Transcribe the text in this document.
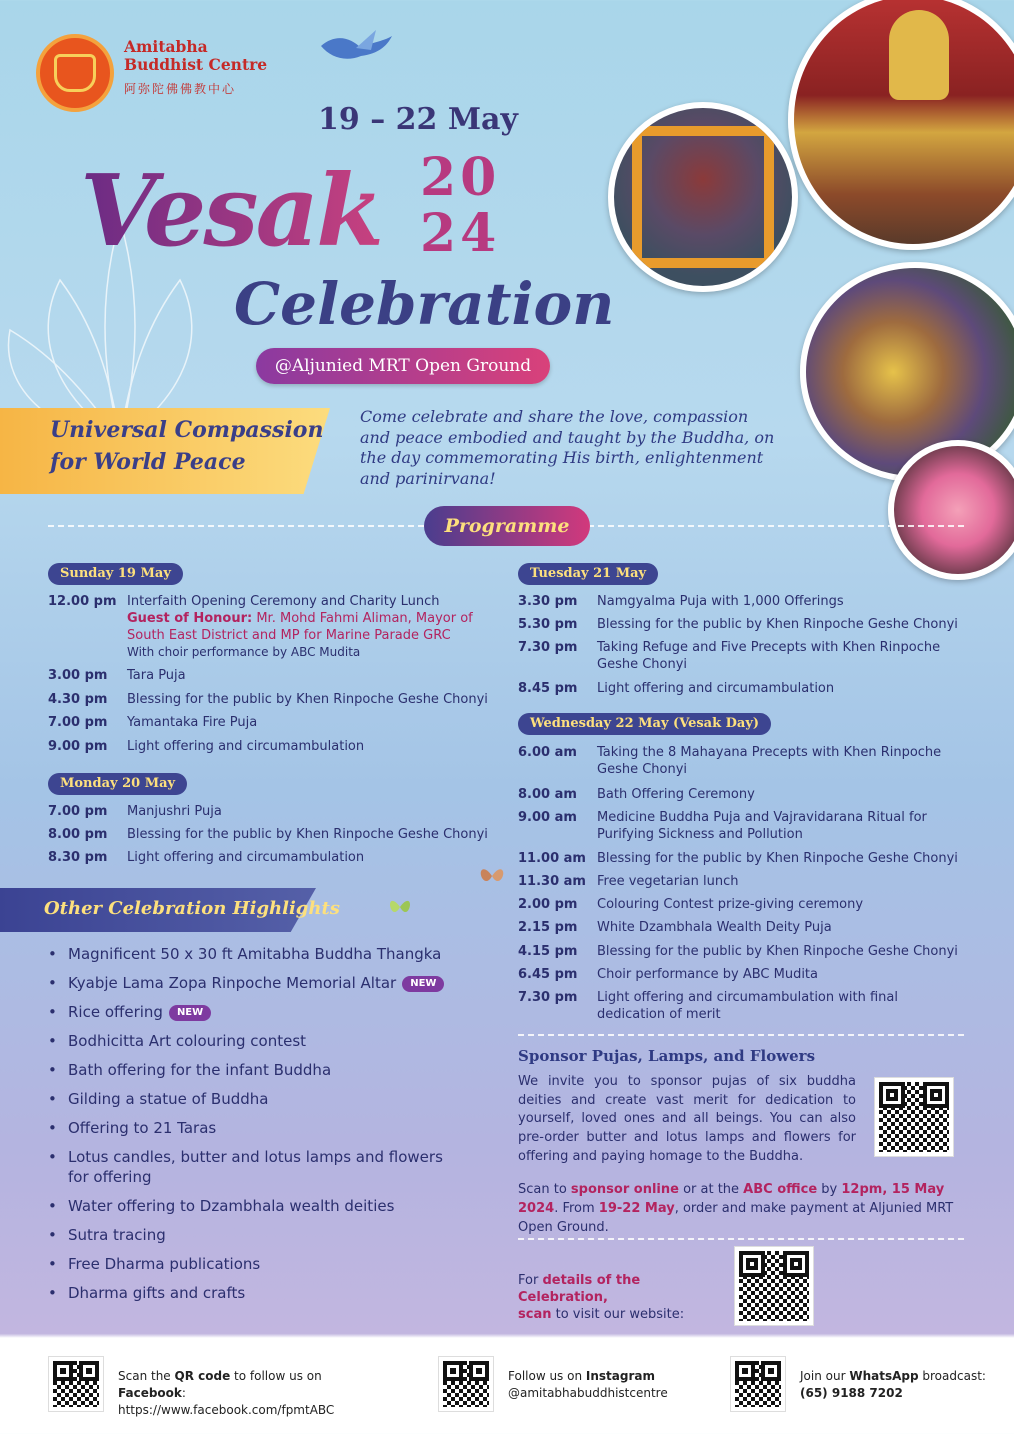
Amitabha
Buddhist Centre
阿弥陀佛佛教中心
19 – 22 May
Vesak 20
24
Celebration
@Aljunied MRT Open Ground
Universal Compassion
for World Peace
Come celebrate and share the love, compassion and peace embodied and taught by the Buddha, on the day commemorating His birth, enlightenment and parinirvana!
Programme
Sunday 19 May
12.00 pm Interfaith Opening Ceremony and Charity Lunch
Guest of Honour: Mr. Mohd Fahmi Aliman, Mayor of South East District and MP for Marine Parade GRC
With choir performance by ABC Mudita
3.00 pm Tara Puja
4.30 pm Blessing for the public by Khen Rinpoche Geshe Chonyi
7.00 pm Yamantaka Fire Puja
9.00 pm Light offering and circumambulation
Monday 20 May
7.00 pm Manjushri Puja
8.00 pm Blessing for the public by Khen Rinpoche Geshe Chonyi
8.30 pm Light offering and circumambulation
Tuesday 21 May
3.30 pm Namgyalma Puja with 1,000 Offerings
5.30 pm Blessing for the public by Khen Rinpoche Geshe Chonyi
7.30 pm Taking Refuge and Five Precepts with Khen Rinpoche Geshe Chonyi
8.45 pm Light offering and circumambulation
Wednesday 22 May (Vesak Day)
6.00 am Taking the 8 Mahayana Precepts with Khen Rinpoche Geshe Chonyi
8.00 am Bath Offering Ceremony
9.00 am Medicine Buddha Puja and Vajravidarana Ritual for Purifying Sickness and Pollution
11.00 am Blessing for the public by Khen Rinpoche Geshe Chonyi
11.30 am Free vegetarian lunch
2.00 pm Colouring Contest prize-giving ceremony
2.15 pm White Dzambhala Wealth Deity Puja
4.15 pm Blessing for the public by Khen Rinpoche Geshe Chonyi
6.45 pm Choir performance by ABC Mudita
7.30 pm Light offering and circumambulation with final dedication of merit
Other Celebration Highlights
• Magnificent 50 x 30 ft Amitabha Buddha Thangka
• Kyabje Lama Zopa Rinpoche Memorial Altar NEW
• Rice offering NEW
• Bodhicitta Art colouring contest
• Bath offering for the infant Buddha
• Gilding a statue of Buddha
• Offering to 21 Taras
• Lotus candles, butter and lotus lamps and flowers for offering
• Water offering to Dzambhala wealth deities
• Sutra tracing
• Free Dharma publications
• Dharma gifts and crafts
Sponsor Pujas, Lamps, and Flowers
We invite you to sponsor pujas of six buddha deities and create vast merit for dedication to yourself, loved ones and all beings. You can also pre-order butter and lotus lamps and flowers for offering and paying homage to the Buddha.
Scan to sponsor online or at the ABC office by 12pm, 15 May 2024. From 19-22 May, order and make payment at Aljunied MRT Open Ground.
For details of the Celebration,
scan to visit our website:
Scan the QR code to follow us on Facebook:
https://www.facebook.com/fpmtABC
Follow us on Instagram
@amitabhabuddhistcentre
Join our WhatsApp broadcast:
(65) 9188 7202
